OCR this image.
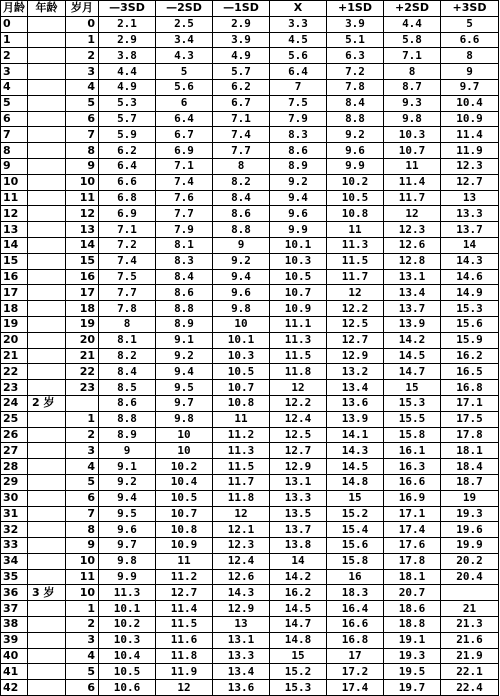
月龄	年龄	岁月	—3SD	—2SD	—1SD	X	+1SD	+2SD	+3SD
0		0	2.1	2.5	2.9	3.3	3.9	4.4	5
1		1	2.9	3.4	3.9	4.5	5.1	5.8	6.6
2		2	3.8	4.3	4.9	5.6	6.3	7.1	8
3		3	4.4	5	5.7	6.4	7.2	8	9
4		4	4.9	5.6	6.2	7	7.8	8.7	9.7
5		5	5.3	6	6.7	7.5	8.4	9.3	10.4
6		6	5.7	6.4	7.1	7.9	8.8	9.8	10.9
7		7	5.9	6.7	7.4	8.3	9.2	10.3	11.4
8		8	6.2	6.9	7.7	8.6	9.6	10.7	11.9
9		9	6.4	7.1	8	8.9	9.9	11	12.3
10		10	6.6	7.4	8.2	9.2	10.2	11.4	12.7
11		11	6.8	7.6	8.4	9.4	10.5	11.7	13
12		12	6.9	7.7	8.6	9.6	10.8	12	13.3
13		13	7.1	7.9	8.8	9.9	11	12.3	13.7
14		14	7.2	8.1	9	10.1	11.3	12.6	14
15		15	7.4	8.3	9.2	10.3	11.5	12.8	14.3
16		16	7.5	8.4	9.4	10.5	11.7	13.1	14.6
17		17	7.7	8.6	9.6	10.7	12	13.4	14.9
18		18	7.8	8.8	9.8	10.9	12.2	13.7	15.3
19		19	8	8.9	10	11.1	12.5	13.9	15.6
20		20	8.1	9.1	10.1	11.3	12.7	14.2	15.9
21		21	8.2	9.2	10.3	11.5	12.9	14.5	16.2
22		22	8.4	9.4	10.5	11.8	13.2	14.7	16.5
23		23	8.5	9.5	10.7	12	13.4	15	16.8
24	2 岁		8.6	9.7	10.8	12.2	13.6	15.3	17.1
25		1	8.8	9.8	11	12.4	13.9	15.5	17.5
26		2	8.9	10	11.2	12.5	14.1	15.8	17.8
27		3	9	10	11.3	12.7	14.3	16.1	18.1
28		4	9.1	10.2	11.5	12.9	14.5	16.3	18.4
29		5	9.2	10.4	11.7	13.1	14.8	16.6	18.7
30		6	9.4	10.5	11.8	13.3	15	16.9	19
31		7	9.5	10.7	12	13.5	15.2	17.1	19.3
32		8	9.6	10.8	12.1	13.7	15.4	17.4	19.6
33		9	9.7	10.9	12.3	13.8	15.6	17.6	19.9
34		10	9.8	11	12.4	14	15.8	17.8	20.2
35		11	9.9	11.2	12.6	14.2	16	18.1	20.4
36	3 岁	10	11.3	12.7	14.3	16.2	18.3	20.7	
37		1	10.1	11.4	12.9	14.5	16.4	18.6	21
38		2	10.2	11.5	13	14.7	16.6	18.8	21.3
39		3	10.3	11.6	13.1	14.8	16.8	19.1	21.6
40		4	10.4	11.8	13.3	15	17	19.3	21.9
41		5	10.5	11.9	13.4	15.2	17.2	19.5	22.1
42		6	10.6	12	13.6	15.3	17.4	19.7	22.4
